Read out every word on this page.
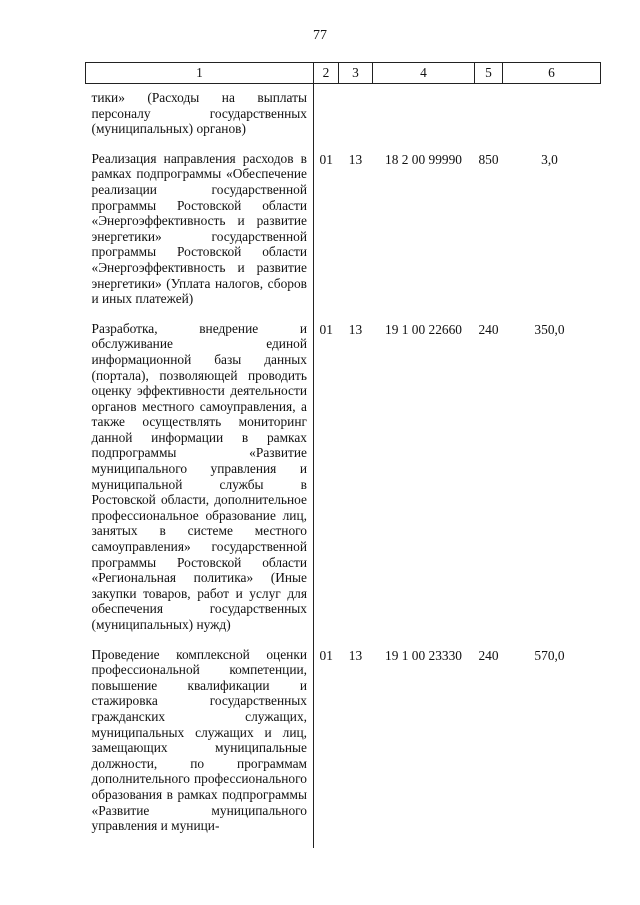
77
1	2	3	4	5	6
тики» (Расходы на выплаты персоналу государственных (муниципальных) органов)					
Реализация направления расходов в рамках подпрограммы «Обеспечение реализации государственной программы Ростовской области «Энергоэффективность и развитие энергетики» государственной программы Ростовской области «Энергоэффективность и развитие энергетики» (Уплата налогов, сборов и иных платежей)	01	13	18 2 00 99990	850	3,0
Разработка, внедрение и обслуживание единой информационной базы данных (портала), позволяющей проводить оценку эффективности деятельности органов местного самоуправления, а также осуществлять мониторинг данной информации в рамках подпрограммы «Развитие муниципального управления и муниципальной службы в Ростовской области, дополнительное профессиональное образование лиц, занятых в системе местного самоуправления» государственной программы Ростовской области «Региональная политика» (Иные закупки товаров, работ и услуг для обеспечения государственных (муниципальных) нужд)	01	13	19 1 00 22660	240	350,0
Проведение комплексной оценки профессиональной компетенции, повышение квалификации и стажировка государственных гражданских служащих, муниципальных служащих и лиц, замещающих муниципальные должности, по программам дополнительного профессионального образования в рамках подпрограммы «Развитие муниципального управления и муници-	01	13	19 1 00 23330	240	570,0
